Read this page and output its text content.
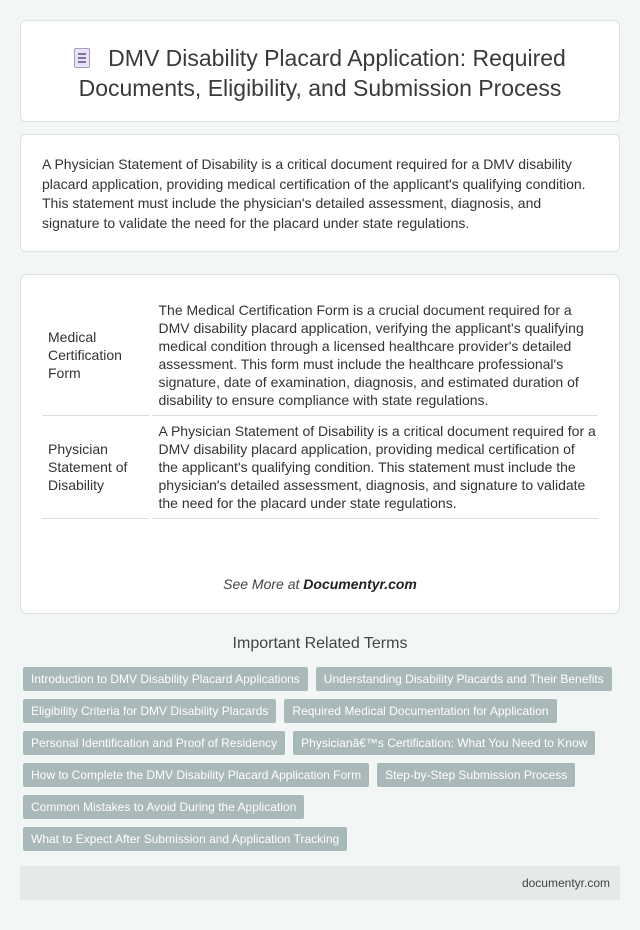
DMV Disability Placard Application: Required Documents, Eligibility, and Submission Process

A Physician Statement of Disability is a critical document required for a DMV disability placard application, providing medical certification of the applicant's qualifying condition. This statement must include the physician's detailed assessment, diagnosis, and signature to validate the need for the placard under state regulations.

Medical Certification Form	The Medical Certification Form is a crucial document required for a DMV disability placard application, verifying the applicant's qualifying medical condition through a licensed healthcare provider's detailed assessment. This form must include the healthcare professional's signature, date of examination, diagnosis, and estimated duration of disability to ensure compliance with state regulations.
Physician Statement of Disability	A Physician Statement of Disability is a critical document required for a DMV disability placard application, providing medical certification of the applicant's qualifying condition. This statement must include the physician's detailed assessment, diagnosis, and signature to validate the need for the placard under state regulations.
See More at Documentyr.com
Important Related Terms
Introduction to DMV Disability Placard Applications	Understanding Disability Placards and Their Benefits
Eligibility Criteria for DMV Disability Placards	Required Medical Documentation for Application
Personal Identification and Proof of Residency	Physicianâ€™s Certification: What You Need to Know
How to Complete the DMV Disability Placard Application Form	Step-by-Step Submission Process
Common Mistakes to Avoid During the Application
What to Expect After Submission and Application Tracking
documentyr.com
